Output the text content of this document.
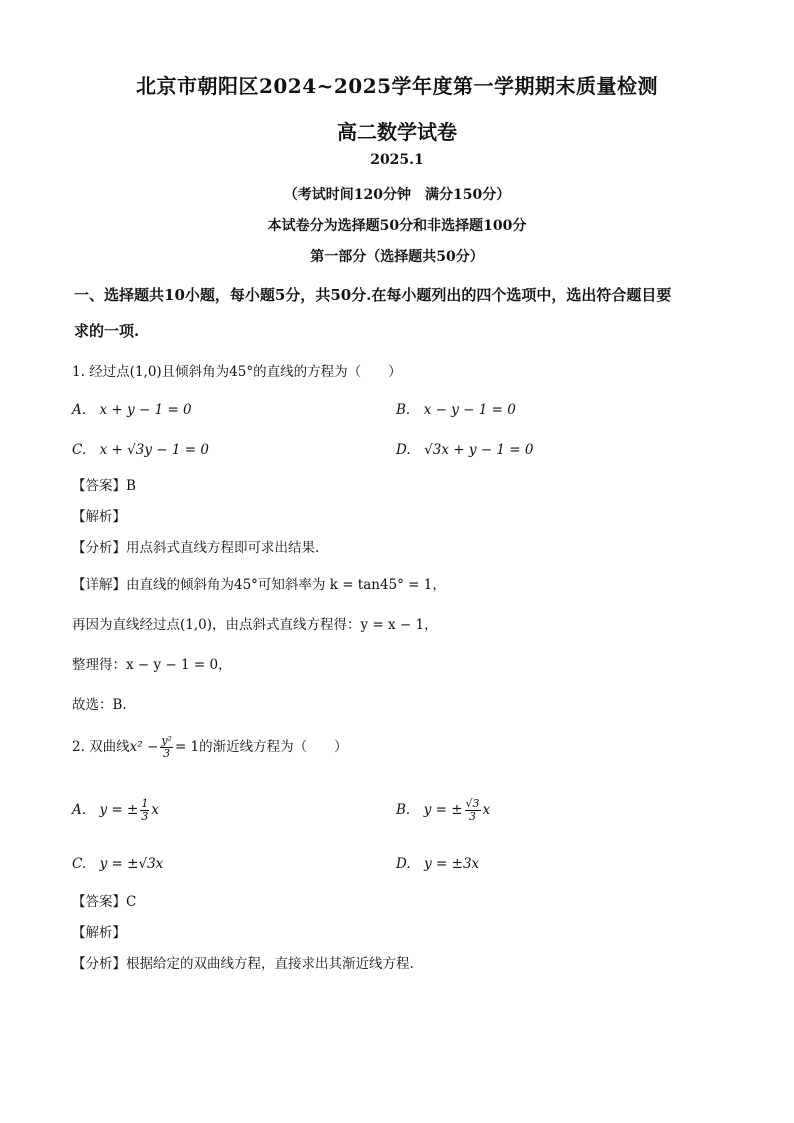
北京市朝阳区2024~2025学年度第一学期期末质量检测
高二数学试卷
2025.1
（考试时间120分钟　满分150分）
本试卷分为选择题50分和非选择题100分
第一部分（选择题共50分）
一、选择题共10小题，每小题5分，共50分.在每小题列出的四个选项中，选出符合题目要
求的一项.
1. 经过点(1,0)且倾斜角为45°的直线的方程为（　　）
A.　x + y − 1 = 0	B.　x − y − 1 = 0
C.　x + √3y − 1 = 0	D.　√3x + y − 1 = 0
【答案】B
【解析】
【分析】用点斜式直线方程即可求出结果.
【详解】由直线的倾斜角为45°可知斜率为 k = tan45° = 1，
再因为直线经过点(1,0)，由点斜式直线方程得：y = x − 1，
整理得：x − y − 1 = 0，
故选：B.
2. 双曲线$x^2 - \frac{\text{y²}}{3} = 1$的渐近线方程为（　　）
A.　y = ± $\frac{1}{3}$ x	B.　y = ± $\frac{√3}{3}$ x
C.　y = ±√3x	D.　y = ±3x
【答案】C
【解析】
【分析】根据给定的双曲线方程，直接求出其渐近线方程.
